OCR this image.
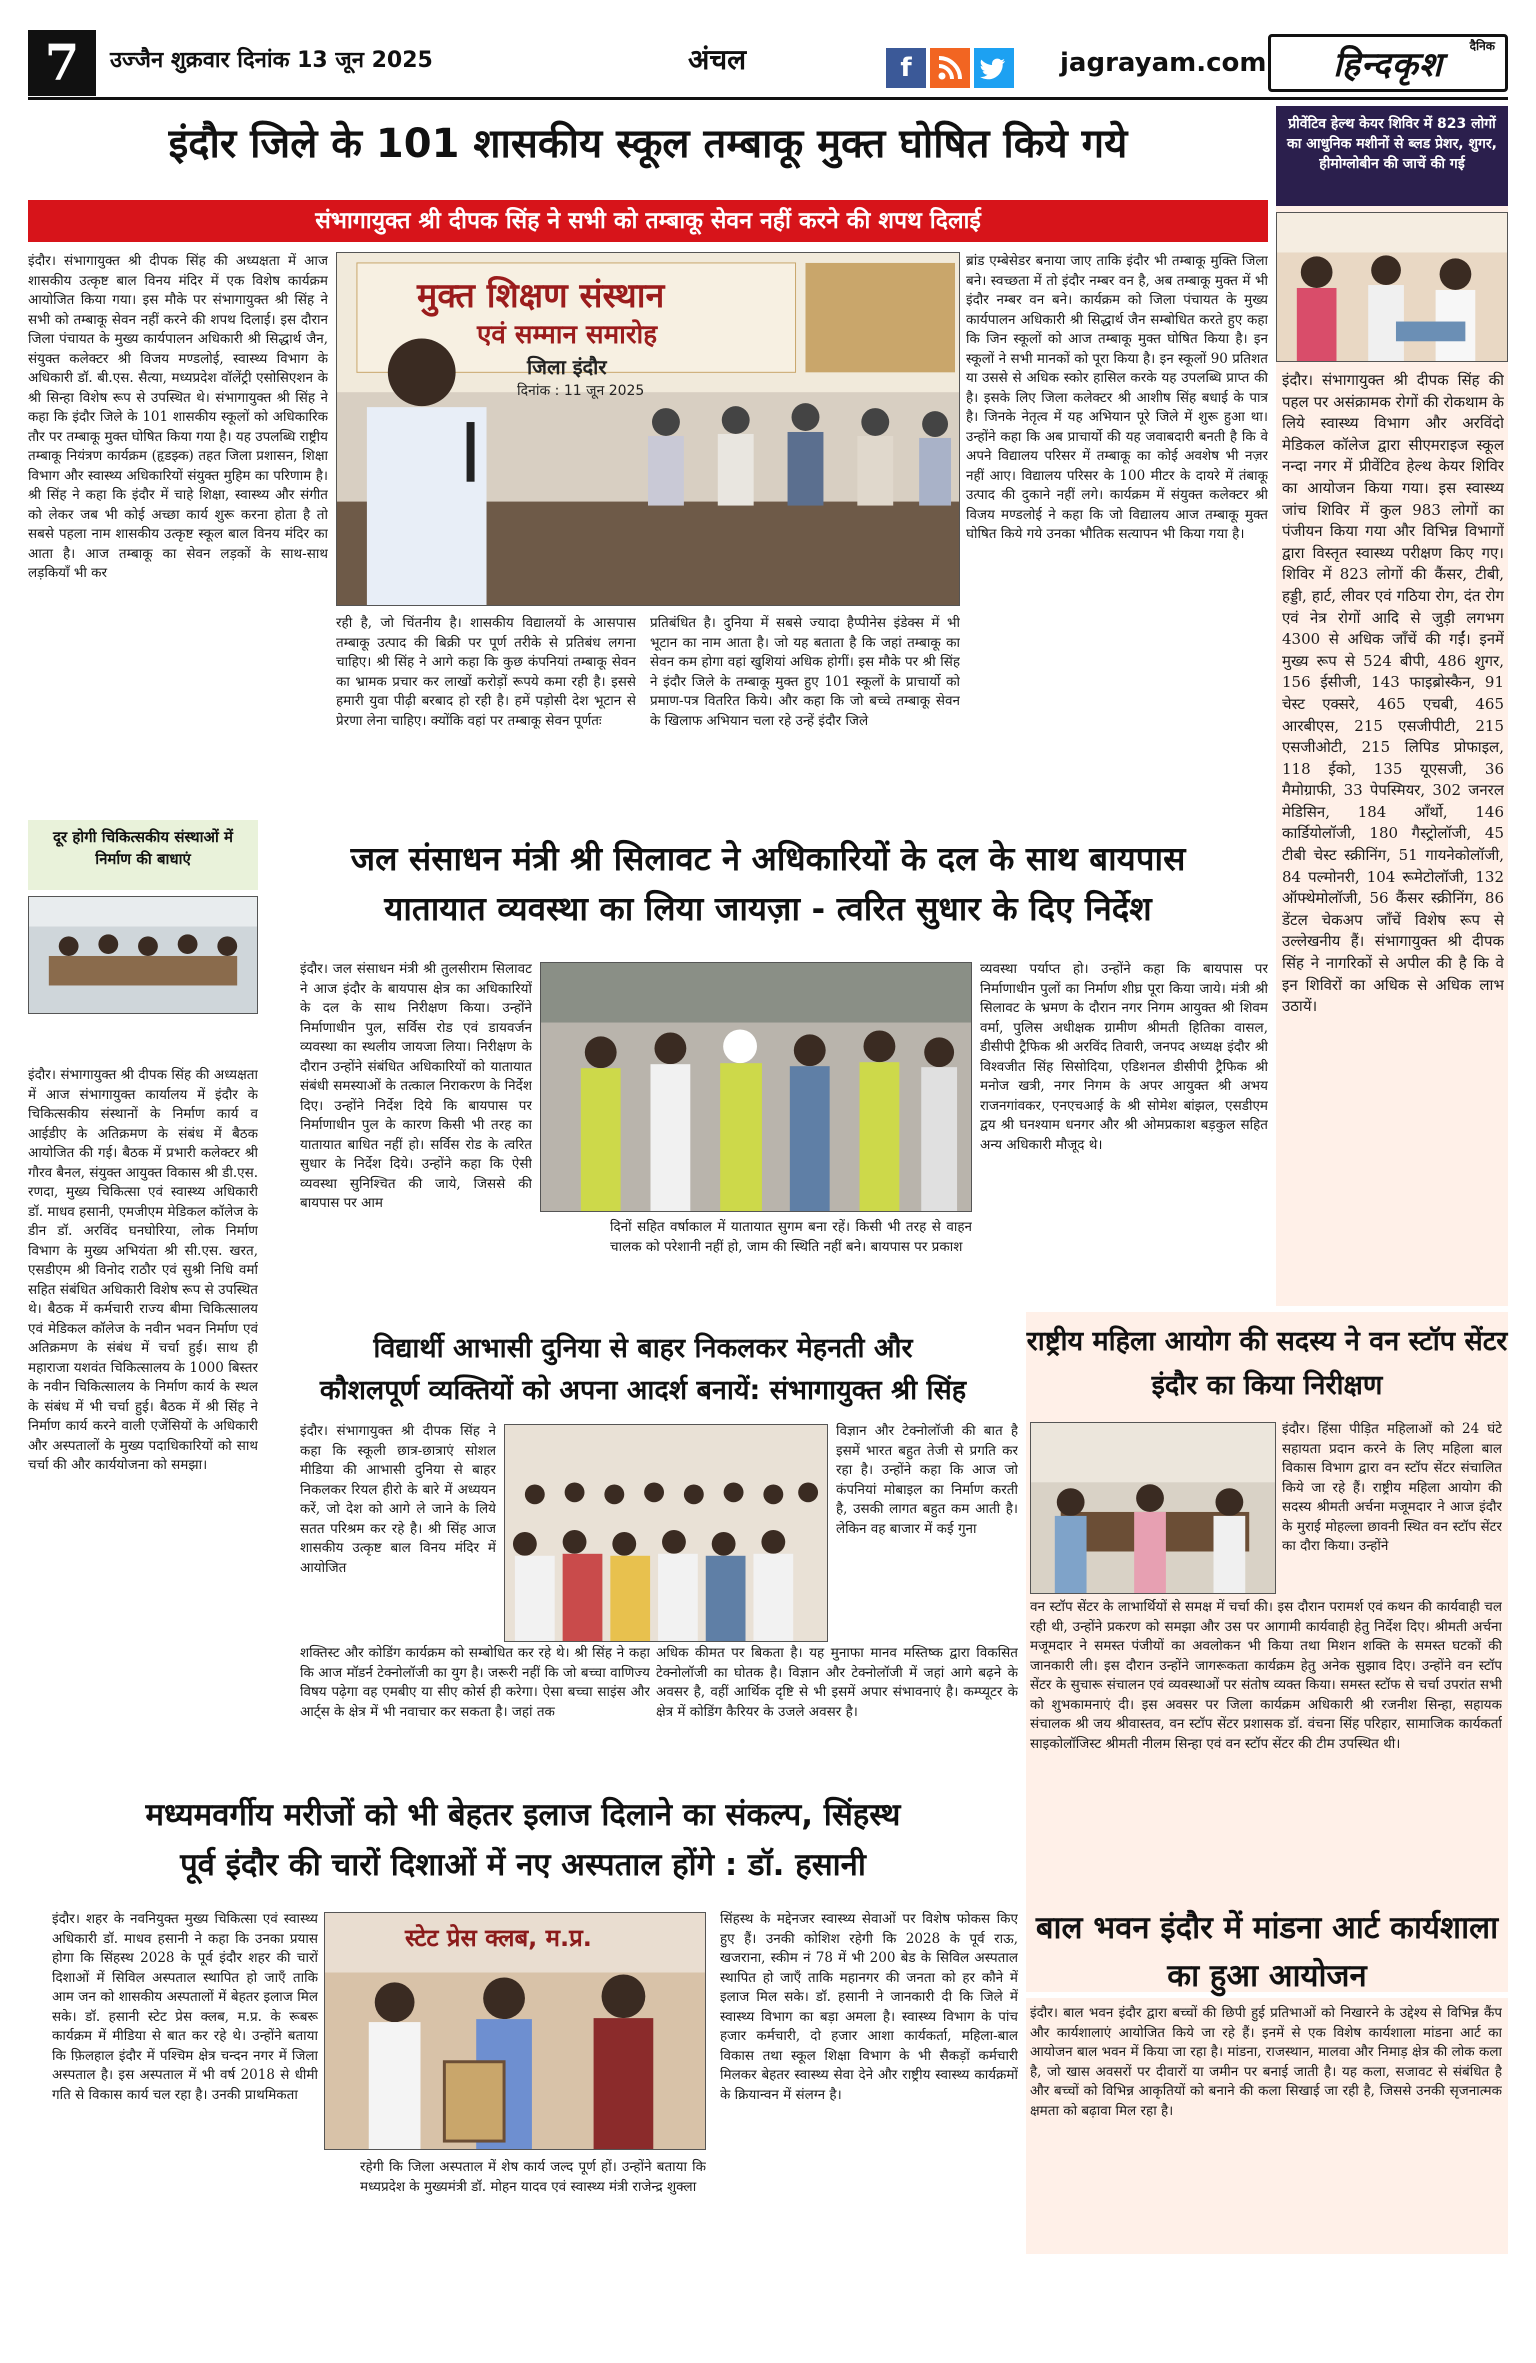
7	उज्जैन शुक्रवार दिनांक 13 जून 2025	अंचल	f	jagrayam.com
दैनिक
हिन्दकृश
इंदौर जिले के 101 शासकीय स्कूल तम्बाकू मुक्त घोषित किये गये
संभागायुक्त श्री दीपक सिंह ने सभी को तम्बाकू सेवन नहीं करने की शपथ दिलाई
इंदौर। संभागायुक्त श्री दीपक सिंह की अध्यक्षता में आज शासकीय उत्कृष्ट बाल विनय मंदिर में एक विशेष कार्यक्रम आयोजित किया गया। इस मौके पर संभागायुक्त श्री सिंह ने सभी को तम्बाकू सेवन नहीं करने की शपथ दिलाई। इस दौरान जिला पंचायत के मुख्य कार्यपालन अधिकारी श्री सिद्धार्थ जैन, संयुक्त कलेक्टर श्री विजय मण्डलोई, स्वास्थ्य विभाग के अधिकारी डॉ. बी.एस. सैत्या, मध्यप्रदेश वॉलेंट्री एसोसिएशन के श्री सिन्हा विशेष रूप से उपस्थित थे। संभागायुक्त श्री सिंह ने कहा कि इंदौर जिले के 101 शासकीय स्कूलों को अधिकारिक तौर पर तम्बाकू मुक्त घोषित किया गया है। यह उपलब्धि राष्ट्रीय तम्बाकू नियंत्रण कार्यक्रम (हृडझ्क) तहत जिला प्रशासन, शिक्षा विभाग और स्वास्थ्य अधिकारियों संयुक्त मुहिम का परिणाम है। श्री सिंह ने कहा कि इंदौर में चाहे शिक्षा, स्वास्थ्य और संगीत को लेकर जब भी कोई अच्छा कार्य शुरू करना होता है तो सबसे पहला नाम शासकीय उत्कृष्ट स्कूल बाल विनय मंदिर का आता है। आज तम्बाकू का सेवन लड़कों के साथ-साथ लड़कियाँ भी कर
मुक्त शिक्षण संस्थान
एवं सम्मान समारोह
जिला इंदौर
दिनांक : 11 जून 2025
रही है, जो चिंतनीय है। शासकीय विद्यालयों के आसपास तम्बाकू उत्पाद की बिक्री पर पूर्ण तरीके से प्रतिबंध लगना चाहिए। श्री सिंह ने आगे कहा कि कुछ कंपनियां तम्बाकू सेवन का भ्रामक प्रचार कर लाखों करोड़ों रूपये कमा रही है। इससे हमारी युवा पीढ़ी बरबाद हो रही है। हमें पड़ोसी देश भूटान से प्रेरणा लेना चाहिए। क्योंकि वहां पर तम्बाकू सेवन पूर्णतः
प्रतिबंधित है। दुनिया में सबसे ज्यादा हैप्पीनेस इंडेक्स में भी भूटान का नाम आता है। जो यह बताता है कि जहां तम्बाकू का सेवन कम होगा वहां खुशियां अधिक होगीं। इस मौके पर श्री सिंह ने इंदौर जिले के तम्बाकू मुक्त हुए 101 स्कूलों के प्राचार्यो को प्रमाण-पत्र वितरित किये। और कहा कि जो बच्चे तम्बाकू सेवन के खिलाफ अभियान चला रहे उन्हें इंदौर जिले
ब्रांड एम्बेसेडर बनाया जाए ताकि इंदौर भी तम्बाकू मुक्ति जिला बने। स्वच्छता में तो इंदौर नम्बर वन है, अब तम्बाकू मुक्त में भी इंदौर नम्बर वन बने। कार्यक्रम को जिला पंचायत के मुख्य कार्यपालन अधिकारी श्री सिद्धार्थ जैन सम्बोधित करते हुए कहा कि जिन स्कूलों को आज तम्बाकू मुक्त घोषित किया है। इन स्कूलों ने सभी मानकों को पूरा किया है। इन स्कूलों 90 प्रतिशत या उससे से अधिक स्कोर हासिल करके यह उपलब्धि प्राप्त की है। इसके लिए जिला कलेक्टर श्री आशीष सिंह बधाई के पात्र है। जिनके नेतृत्व में यह अभियान पूरे जिले में शुरू हुआ था। उन्होंने कहा कि अब प्राचार्यो की यह जवाबदारी बनती है कि वे अपने विद्यालय परिसर में तम्बाकू का कोई अवशेष भी नज़र नहीं आए। विद्यालय परिसर के 100 मीटर के दायरे में तंबाकू उत्पाद की दुकाने नहीं लगे। कार्यक्रम में संयुक्त कलेक्टर श्री विजय मण्डलोई ने कहा कि जो विद्यालय आज तम्बाकू मुक्त घोषित किये गये उनका भौतिक सत्यापन भी किया गया है।
प्रीवेंटिव हेल्थ केयर शिविर में 823 लोगों का आधुनिक मशीनों से ब्लड प्रेशर, शुगर, हीमोग्लोबीन की जाचें की गई
इंदौर। संभागायुक्त श्री दीपक सिंह की पहल पर असंक्रामक रोगों की रोकथाम के लिये स्वास्थ्य विभाग और अरविंदो मेडिकल कॉलेज द्वारा सीएमराइज स्कूल नन्दा नगर में प्रीवेंटिव हेल्थ केयर शिविर का आयोजन किया गया। इस स्वास्थ्य जांच शिविर में कुल 983 लोगों का पंजीयन किया गया और विभिन्न विभागों द्वारा विस्तृत स्वास्थ्य परीक्षण किए गए। शिविर में 823 लोगों की कैंसर, टीबी, हड्डी, हार्ट, लीवर एवं गठिया रोग, दंत रोग एवं नेत्र रोगों आदि से जुड़ी लगभग 4300 से अधिक जाँचें की गईं। इनमें मुख्य रूप से 524 बीपी, 486 शुगर, 156 ईसीजी, 143 फाइब्रोस्कैन, 91 चेस्ट एक्सरे, 465 एचबी, 465 आरबीएस, 215 एसजीपीटी, 215 एसजीओटी, 215 लिपिड प्रोफाइल, 118 ईको, 135 यूएसजी, 36 मैमोग्राफी, 33 पेपस्मियर, 302 जनरल मेडिसिन, 184 ऑंर्थो, 146 कार्डियोलॉजी, 180 गैस्ट्रोलॉजी, 45 टीबी चेस्ट स्क्रीनिंग, 51 गायनेकोलॉजी, 84 पल्मोनरी, 104 रूमेटोलॉजी, 132 ऑफ्थेमोलॉजी, 56 कैंसर स्क्रीनिंग, 86 डेंटल चेकअप जाँचें विशेष रूप से उल्लेखनीय हैं। संभागायुक्त श्री दीपक सिंह ने नागरिकों से अपील की है कि वे इन शिविरों का अधिक से अधिक लाभ उठायें।
दूर होगी चिकित्सकीय संस्थाओं में निर्माण की बाधाएं
इंदौर। संभागायुक्त श्री दीपक सिंह की अध्यक्षता में आज संभागायुक्त कार्यालय में इंदौर के चिकित्सकीय संस्थानों के निर्माण कार्य व आईडीए के अतिक्रमण के संबंध में बैठक आयोजित की गई। बैठक में प्रभारी कलेक्टर श्री गौरव बैनल, संयुक्त आयुक्त विकास श्री डी.एस. रणदा, मुख्य चिकित्सा एवं स्वास्थ्य अधिकारी डॉ. माधव हसानी, एमजीएम मेडिकल कॉलेज के डीन डॉ. अरविंद घनघोरिया, लोक निर्माण विभाग के मुख्य अभियंता श्री सी.एस. खरत, एसडीएम श्री विनोद राठौर एवं सुश्री निधि वर्मा सहित संबंधित अधिकारी विशेष रूप से उपस्थित थे। बैठक में कर्मचारी राज्य बीमा चिकित्सालय एवं मेडिकल कॉलेज के नवीन भवन निर्माण एवं अतिक्रमण के संबंध में चर्चा हुई। साथ ही महाराजा यशवंत चिकित्सालय के 1000 बिस्तर के नवीन चिकित्सालय के निर्माण कार्य के स्थल के संबंध में भी चर्चा हुई। बैठक में श्री सिंह ने निर्माण कार्य करने वाली एजेंसियों के अधिकारी और अस्पतालों के मुख्य पदाधिकारियों को साथ चर्चा की और कार्ययोजना को समझा।
जल संसाधन मंत्री श्री सिलावट ने अधिकारियों के दल के साथ बायपास
यातायात व्यवस्था का लिया जायज़ा - त्वरित सुधार के दिए निर्देश
इंदौर। जल संसाधन मंत्री श्री तुलसीराम सिलावट ने आज इंदौर के बायपास क्षेत्र का अधिकारियों के दल के साथ निरीक्षण किया। उन्होंने निर्माणाधीन पुल, सर्विस रोड एवं डायवर्जन व्यवस्था का स्थलीय जायजा लिया। निरीक्षण के दौरान उन्होंने संबंधित अधिकारियों को यातायात संबंधी समस्याओं के तत्काल निराकरण के निर्देश दिए। उन्होंने निर्देश दिये कि बायपास पर निर्माणाधीन पुल के कारण किसी भी तरह का यातायात बाधित नहीं हो। सर्विस रोड के त्वरित सुधार के निर्देश दिये। उन्होंने कहा कि ऐसी व्यवस्था सुनिश्चित की जाये, जिससे की बायपास पर आम
दिनों सहित वर्षाकाल में यातायात सुगम बना रहें। किसी भी तरह से वाहन चालक को परेशानी नहीं हो, जाम की स्थिति नहीं बने। बायपास पर प्रकाश
व्यवस्था पर्याप्त हो। उन्होंने कहा कि बायपास पर निर्माणाधीन पुलों का निर्माण शीघ्र पूरा किया जाये। मंत्री श्री सिलावट के भ्रमण के दौरान नगर निगम आयुक्त श्री शिवम वर्मा, पुलिस अधीक्षक ग्रामीण श्रीमती हितिका वासल, डीसीपी ट्रैफिक श्री अरविंद तिवारी, जनपद अध्यक्ष इंदौर श्री विश्वजीत सिंह सिसोदिया, एडिशनल डीसीपी ट्रैफिक श्री मनोज खत्री, नगर निगम के अपर आयुक्त श्री अभय राजनगांवकर, एनएचआई के श्री सोमेश बांझल, एसडीएम द्वय श्री घनश्याम धनगर और श्री ओमप्रकाश बड़कुल सहित अन्य अधिकारी मौजूद थे।
विद्यार्थी आभासी दुनिया से बाहर निकलकर मेहनती और
कौशलपूर्ण व्यक्तियों को अपना आदर्श बनायें: संभागायुक्त श्री सिंह
इंदौर। संभागायुक्त श्री दीपक सिंह ने कहा कि स्कूली छात्र-छात्राएं सोशल मीडिया की आभासी दुनिया से बाहर निकलकर रियल हीरो के बारे में अध्ययन करें, जो देश को आगे ले जाने के लिये सतत परिश्रम कर रहे है। श्री सिंह आज शासकीय उत्कृष्ट बाल विनय मंदिर में आयोजित
विज्ञान और टेक्नोलॉजी की बात है इसमें भारत बहुत तेजी से प्रगति कर रहा है। उन्होंने कहा कि आज जो कंपनियां मोबाइल का निर्माण करती है, उसकी लागत बहुत कम आती है। लेकिन वह बाजार में कई गुना
शक्तिस्ट और कोडिंग कार्यक्रम को सम्बोधित कर रहे थे। श्री सिंह ने कहा कि आज मॉडर्न टेक्नोलॉजी का युग है। जरूरी नहीं कि जो बच्चा वाणिज्य विषय पढ़ेगा वह एमबीए या सीए कोर्स ही करेगा। ऐसा बच्चा साइंस और आर्ट्स के क्षेत्र में भी नवाचार कर सकता है। जहां तक
अधिक कीमत पर बिकता है। यह मुनाफा मानव मस्तिष्क द्वारा विकसित टेक्नोलॉजी का घोतक है। विज्ञान और टेक्नोलॉजी में जहां आगे बढ़ने के अवसर है, वहीं आर्थिक दृष्टि से भी इसमें अपार संभावनाएं है। कम्प्यूटर के क्षेत्र में कोडिंग कैरियर के उजले अवसर है।
राष्ट्रीय महिला आयोग की सदस्य ने वन स्टॉप सेंटर इंदौर का किया निरीक्षण
इंदौर। हिंसा पीड़ित महिलाओं को 24 घंटे सहायता प्रदान करने के लिए महिला बाल विकास विभाग द्वारा वन स्टॉप सेंटर संचालित किये जा रहे हैं। राष्ट्रीय महिला आयोग की सदस्य श्रीमती अर्चना मजूमदार ने आज इंदौर के मुराई मोहल्ला छावनी स्थित वन स्टॉप सेंटर का दौरा किया। उन्होंने
वन स्टॉप सेंटर के लाभार्थियों से समक्ष में चर्चा की। इस दौरान परामर्श एवं कथन की कार्यवाही चल रही थी, उन्होंने प्रकरण को समझा और उस पर आगामी कार्यवाही हेतु निर्देश दिए। श्रीमती अर्चना मजूमदार ने समस्त पंजीयों का अवलोकन भी किया तथा मिशन शक्ति के समस्त घटकों की जानकारी ली। इस दौरान उन्होंने जागरूकता कार्यक्रम हेतु अनेक सुझाव दिए। उन्होंने वन स्टॉप सेंटर के सुचारू संचालन एवं व्यवस्थाओं पर संतोष व्यक्त किया। समस्त स्टॉफ से चर्चा उपरांत सभी को शुभकामनाएं दी। इस अवसर पर जिला कार्यक्रम अधिकारी श्री रजनीश सिन्हा, सहायक संचालक श्री जय श्रीवास्तव, वन स्टॉप सेंटर प्रशासक डॉ. वंचना सिंह परिहार, सामाजिक कार्यकर्ता साइकोलॉजिस्ट श्रीमती नीलम सिन्हा एवं वन स्टॉप सेंटर की टीम उपस्थित थी।
मध्यमवर्गीय मरीजों को भी बेहतर इलाज दिलाने का संकल्प, सिंहस्थ
पूर्व इंदौर की चारों दिशाओं में नए अस्पताल होंगे : डॉ. हसानी
इंदौर। शहर के नवनियुक्त मुख्य चिकित्सा एवं स्वास्थ्य अधिकारी डॉ. माधव हसानी ने कहा कि उनका प्रयास होगा कि सिंहस्थ 2028 के पूर्व इंदौर शहर की चारों दिशाओं में सिविल अस्पताल स्थापित हो जाएँ ताकि आम जन को शासकीय अस्पतालों में बेहतर इलाज मिल सके। डॉ. हसानी स्टेट प्रेस क्लब, म.प्र. के रूबरू कार्यक्रम में मीडिया से बात कर रहे थे। उन्होंने बताया कि फ़िलहाल इंदौर में पश्चिम क्षेत्र चन्दन नगर में जिला अस्पताल है। इस अस्पताल में भी वर्ष 2018 से धीमी गति से विकास कार्य चल रहा है। उनकी प्राथमिकता
स्टेट प्रेस क्लब, म.प्र.
रहेगी कि जिला अस्पताल में शेष कार्य जल्द पूर्ण हों। उन्होंने बताया कि मध्यप्रदेश के मुख्यमंत्री डॉ. मोहन यादव एवं स्वास्थ्य मंत्री राजेन्द्र शुक्ला
सिंहस्थ के मद्देनजर स्वास्थ्य सेवाओं पर विशेष फोकस किए हुए हैं। उनकी कोशिश रहेगी कि 2028 के पूर्व राऊ, खजराना, स्कीम नं 78 में भी 200 बेड के सिविल अस्पताल स्थापित हो जाएँ ताकि महानगर की जनता को हर कौने में इलाज मिल सके। डॉ. हसानी ने जानकारी दी कि जिले में स्वास्थ्य विभाग का बड़ा अमला है। स्वास्थ्य विभाग के पांच हजार कर्मचारी, दो हजार आशा कार्यकर्ता, महिला-बाल विकास तथा स्कूल शिक्षा विभाग के भी सैकड़ों कर्मचारी मिलकर बेहतर स्वास्थ्य सेवा देने और राष्ट्रीय स्वास्थ्य कार्यक्रमों के क्रियान्वन में संलग्न है।
बाल भवन इंदौर में मांडना आर्ट कार्यशाला का हुआ आयोजन
इंदौर। बाल भवन इंदौर द्वारा बच्चों की छिपी हुई प्रतिभाओं को निखारने के उद्देश्य से विभिन्न कैंप और कार्यशालाएं आयोजित किये जा रहे हैं। इनमें से एक विशेष कार्यशाला मांडना आर्ट का आयोजन बाल भवन में किया जा रहा है। मांडना, राजस्थान, मालवा और निमाड़ क्षेत्र की लोक कला है, जो खास अवसरों पर दीवारों या जमीन पर बनाई जाती है। यह कला, सजावट से संबंधित है और बच्चों को विभिन्न आकृतियों को बनाने की कला सिखाई जा रही है, जिससे उनकी सृजनात्मक क्षमता को बढ़ावा मिल रहा है।
